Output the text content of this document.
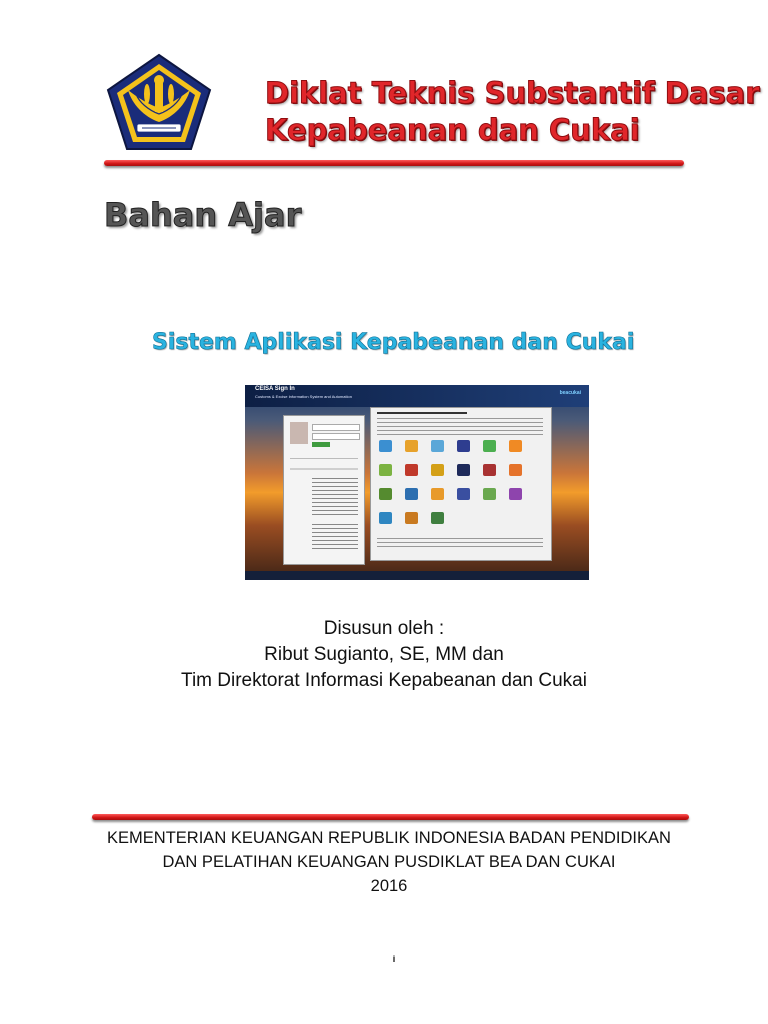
Diklat Teknis Substantif Dasar
Kepabeanan dan Cukai
Bahan Ajar
Sistem Aplikasi Kepabeanan dan Cukai
CEISA Sign In
Customs & Excise Information System and Automation
beacukai
Disusun oleh :
Ribut Sugianto, SE, MM dan
Tim Direktorat Informasi Kepabeanan dan Cukai
KEMENTERIAN KEUANGAN REPUBLIK INDONESIA BADAN PENDIDIKAN
DAN PELATIHAN KEUANGAN PUSDIKLAT BEA DAN CUKAI
2016
i
